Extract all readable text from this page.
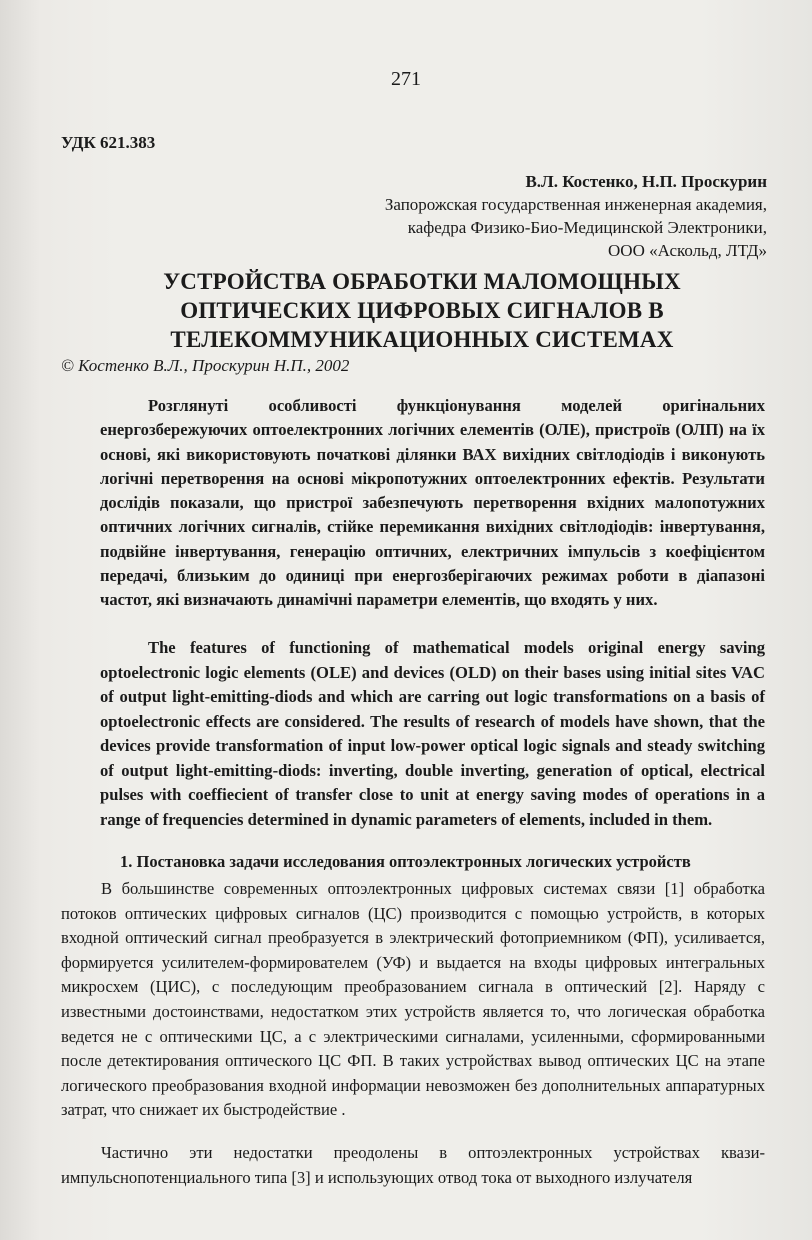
271
УДК 621.383
В.Л. Костенко, Н.П. Проскурин
Запорожская государственная инженерная академия,
кафедра Физико-Био-Медицинской Электроники,
ООО «Аскольд, ЛТД»
УСТРОЙСТВА ОБРАБОТКИ МАЛОМОЩНЫХ ОПТИЧЕСКИХ ЦИФРОВЫХ СИГНАЛОВ В ТЕЛЕКОММУНИКАЦИОННЫХ СИСТЕМАХ
© Костенко В.Л., Проскурин Н.П., 2002

Розглянуті особливості функціонування моделей оригінальних енергозберeжуючих оптоелектронних логічних елементів (ОЛЕ), пристроїв (ОЛП) на їх основі, які використовують початкові ділянки ВАХ вихідних світлодіодів і виконують логічні перетворення на основі мікропотужних оптоелектронних ефектів. Результати дослідів показали, що пристрої забезпечують перетворення вхідних малопотужних оптичних логічних сигналів, стійке перемикання вихідних світлодіодів: інвертування, подвійне інвертування, генерацію оптичних, електричних імпульсів з коефіцієнтом передачі, близьким до одиниці при енергозберігаючих режимах роботи в діапазоні частот, які визначають динамічні параметри елементів, що входять у них.

The features of functioning of mathematical models original energy saving optoelectronic logic elements (OLE) and devices (OLD) on their bases using initial sites VAC of output light-emitting-diods and which are carring out logic transformations on a basis of optoelectronic effects are considered. The results of research of models have shown, that the devices provide transformation of input low-power optical logic signals and steady switching of output light-emitting-diods: inverting, double inverting, generation of optical, electrical pulses with coeffiecient of transfer close to unit at energy saving modes of operations in a range of frequencies determined in dynamic parameters of elements, included in them.

1. Постановка задачи исследования оптоэлектронных логических устройств

В большинстве современных оптоэлектронных цифровых системах связи [1] обработка потоков оптических цифровых сигналов (ЦС) производится с помощью устройств, в которых входной оптический сигнал преобразуется в электрический фотоприемником (ФП), усиливается, формируется усилителем-формирователем (УФ) и выдается на входы цифровых интегральных микросхем (ЦИС), с последующим преобразованием сигнала в оптический [2]. Наряду с известными достоинствами, недостатком этих устройств является то, что логическая обработка ведется не с оптическими ЦС, а с электрическими сигналами, усиленными, сформированными после детектирования оптического ЦС ФП. В таких устройствах вывод оптических ЦС на этапе логического преобразования входной информации невозможен без дополнительных аппаратурных затрат, что снижает их быстродействие .

Частично эти недостатки преодолены в оптоэлектронных устройствах квази-импульснопотенциального типа [3] и использующих отвод тока от выходного излучателя
